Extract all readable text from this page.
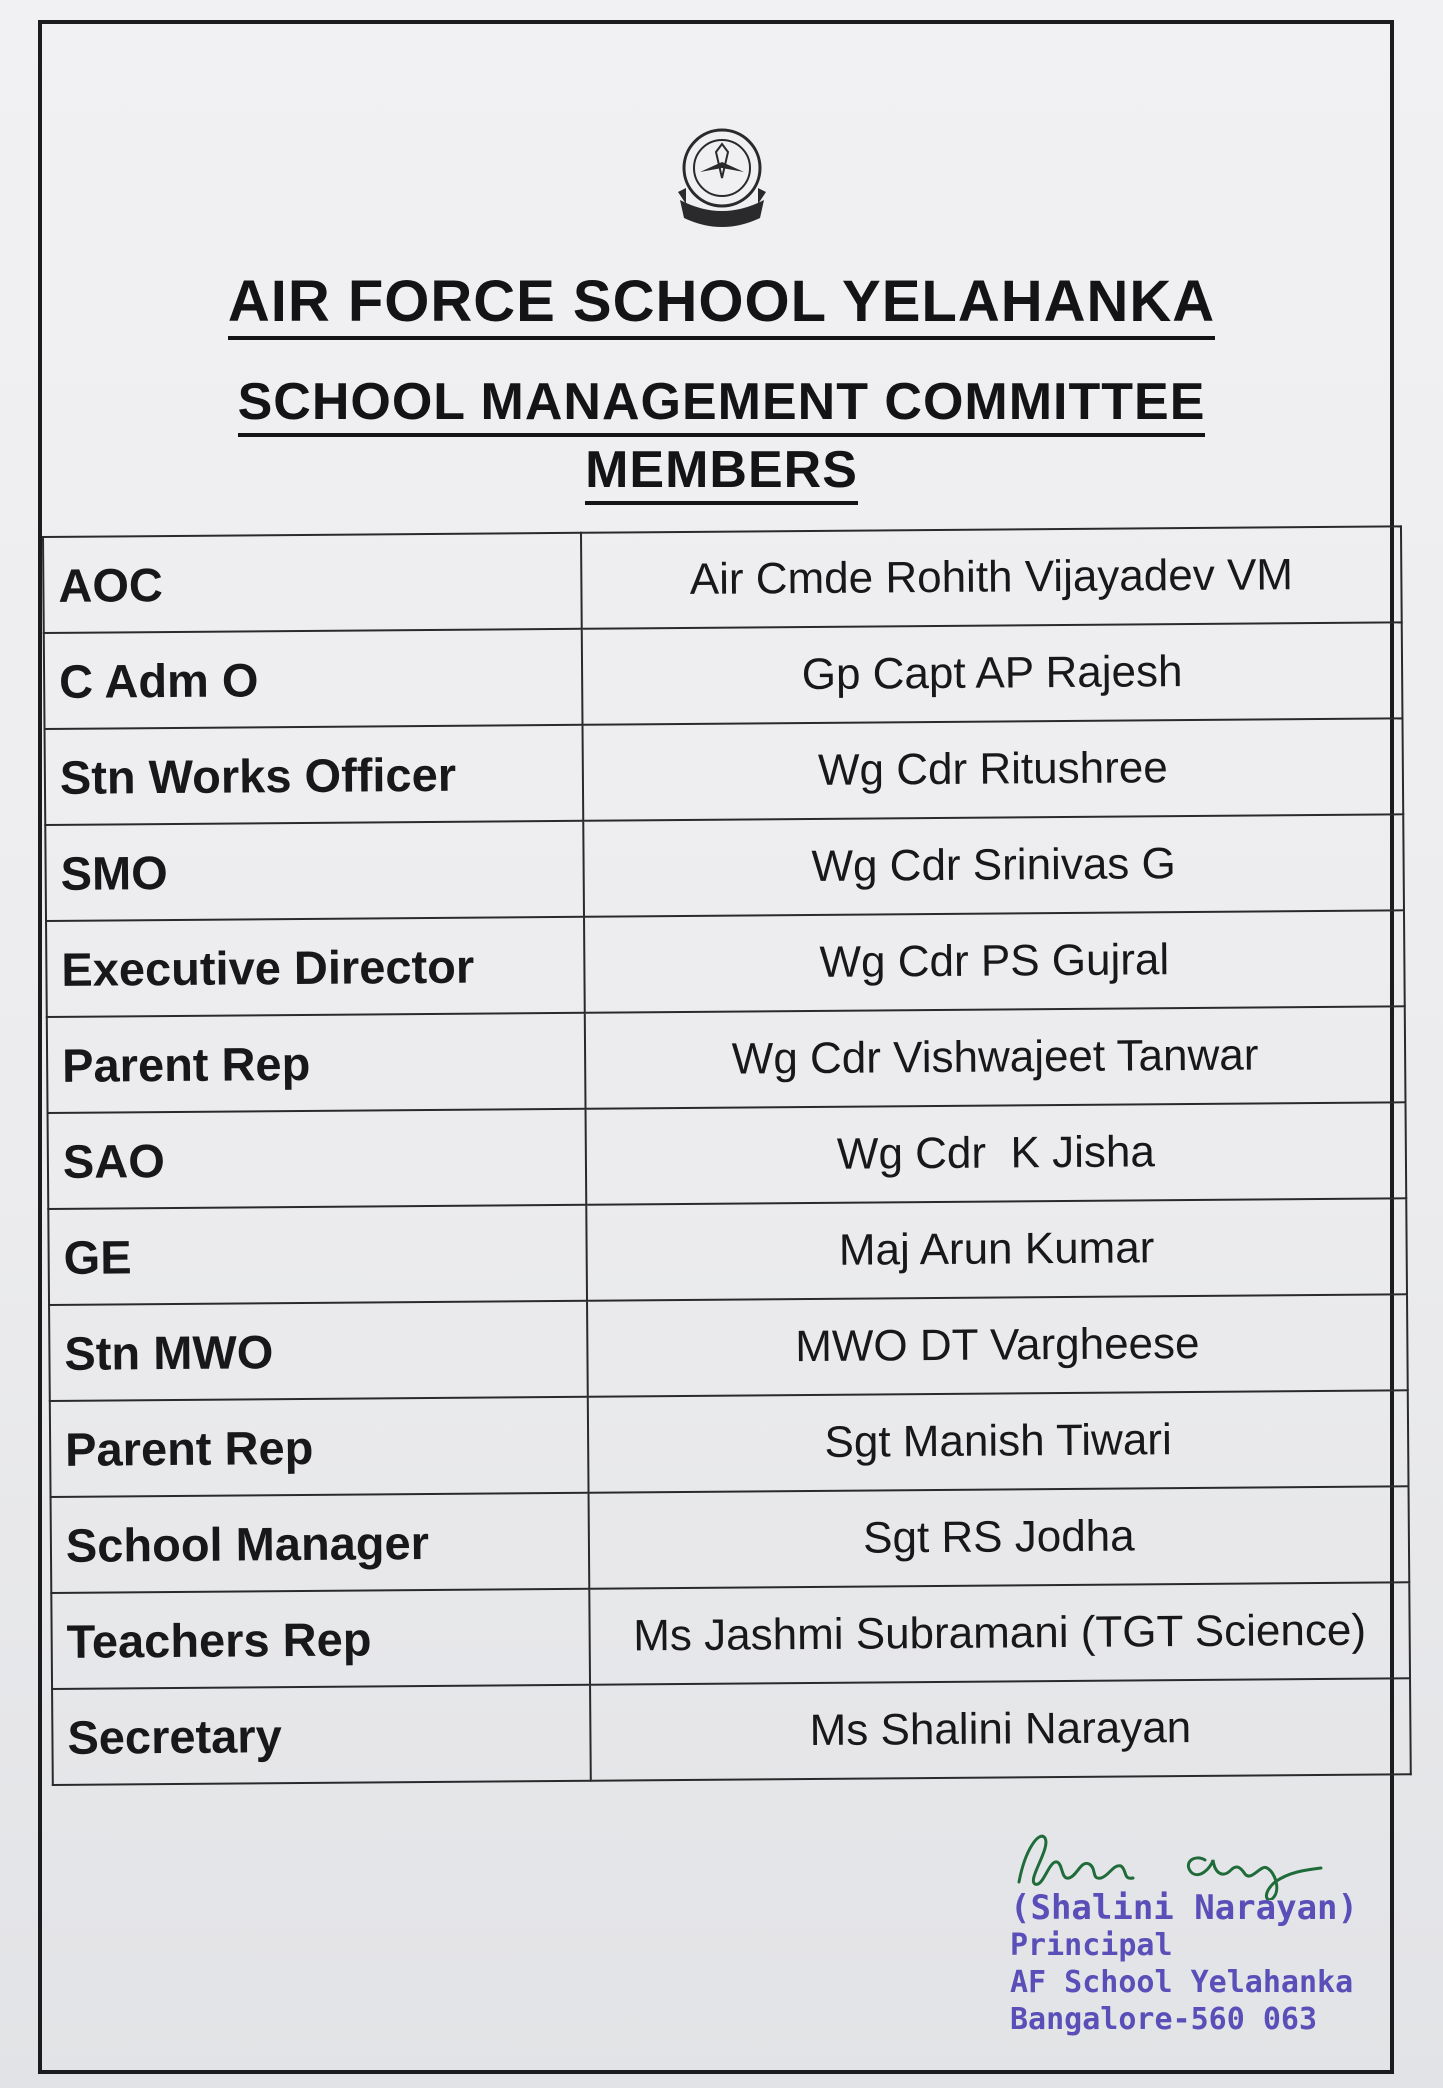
AIR FORCE SCHOOL YELAHANKA
SCHOOL MANAGEMENT COMMITTEE
MEMBERS
AOC	Air Cmde Rohith Vijayadev VM
C Adm O	Gp Capt AP Rajesh
Stn Works Officer	Wg Cdr Ritushree
SMO	Wg Cdr Srinivas G
Executive Director	Wg Cdr PS Gujral
Parent Rep	Wg Cdr Vishwajeet Tanwar
SAO	Wg Cdr  K Jisha
GE	Maj Arun Kumar
Stn MWO	MWO DT Vargheese
Parent Rep	Sgt Manish Tiwari
School Manager	Sgt RS Jodha
Teachers Rep	Ms Jashmi Subramani (TGT Science)
Secretary	Ms Shalini Narayan
(Shalini Narayan)
Principal
AF School Yelahanka
Bangalore-560 063
